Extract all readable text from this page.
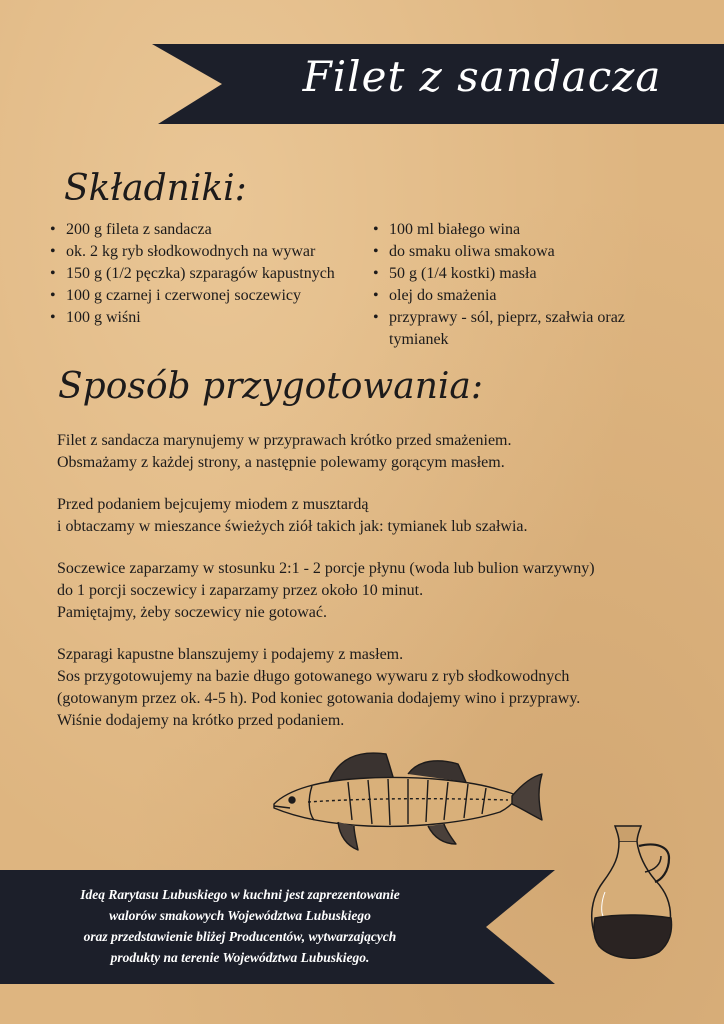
Filet z sandacza
Składniki:
• 200 g fileta z sandacza
• ok. 2 kg ryb słodkowodnych na wywar
• 150 g (1/2 pęczka) szparagów kapustnych
• 100 g czarnej i czerwonej soczewicy
• 100 g wiśni
• 100 ml białego wina
• do smaku oliwa smakowa
• 50 g (1/4 kostki) masła
• olej do smażenia
• przyprawy - sól, pieprz, szałwia oraz tymianek
Sposób przygotowania:

Filet z sandacza marynujemy w przyprawach krótko przed smażeniem.
Obsmażamy z każdej strony, a następnie polewamy gorącym masłem.

Przed podaniem bejcujemy miodem z musztardą
i obtaczamy w mieszance świeżych ziół takich jak: tymianek lub szałwia.

Soczewice zaparzamy w stosunku 2:1 - 2 porcje płynu (woda lub bulion warzywny)
do 1 porcji soczewicy i zaparzamy przez około 10 minut.
Pamiętajmy, żeby soczewicy nie gotować.

Szparagi kapustne blanszujemy i podajemy z masłem.
Sos przygotowujemy na bazie długo gotowanego wywaru z ryb słodkowodnych
(gotowanym przez ok. 4-5 h). Pod koniec gotowania dodajemy wino i przyprawy.
Wiśnie dodajemy na krótko przed podaniem.

Ideą Rarytasu Lubuskiego w kuchni jest zaprezentowanie
walorów smakowych Województwa Lubuskiego
oraz przedstawienie bliżej Producentów, wytwarzających
produkty na terenie Województwa Lubuskiego.
